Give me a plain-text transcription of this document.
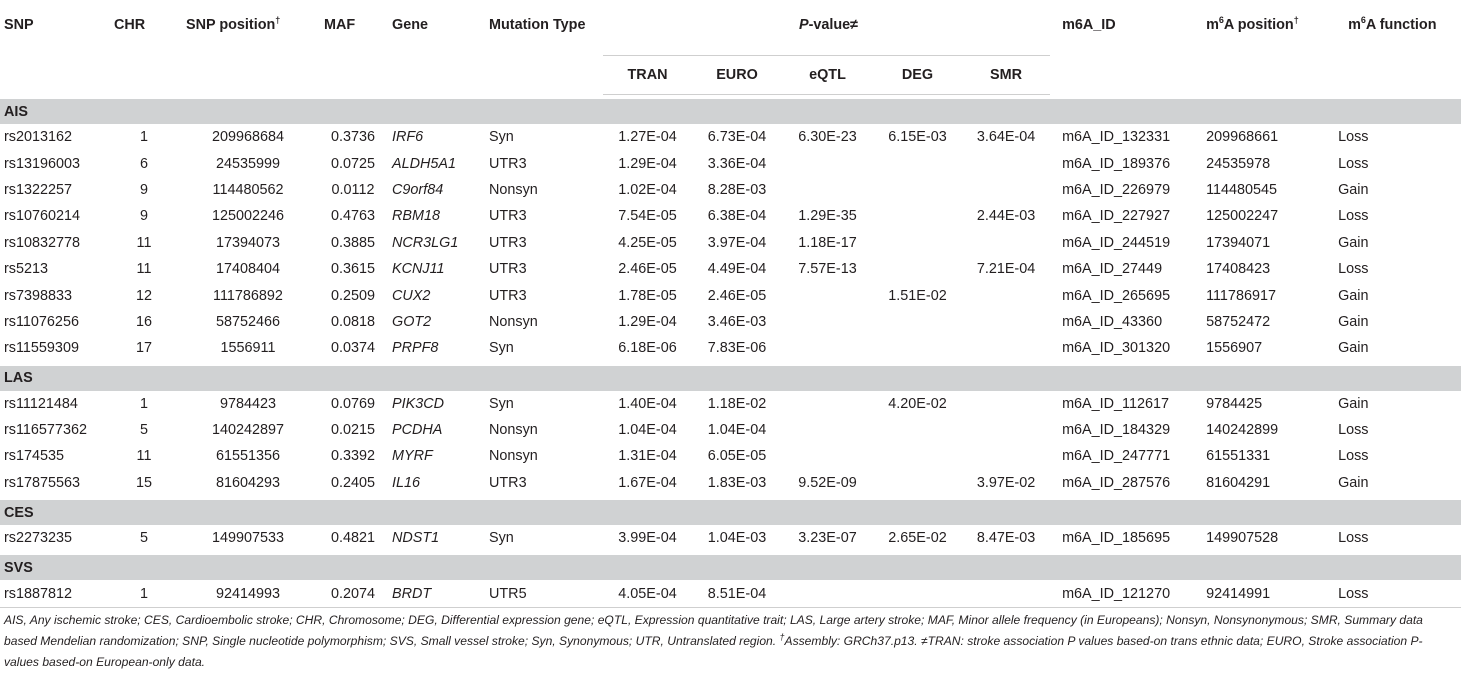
SNP	CHR	SNP position†	MAF	Gene	Mutation Type	P-value≠					m6A_ID	$m^6A$ position†	$m^6A$ function
						TRAN	EURO	eQTL	DEG	SMR			

AIS													
rs2013162	1	209968684	0.3736	IRF6	Syn	1.27E-04	6.73E-04	6.30E-23	6.15E-03	3.64E-04	m6A_ID_132331	209968661	Loss
rs13196003	6	24535999	0.0725	ALDH5A1	UTR3	1.29E-04	3.36E-04				m6A_ID_189376	24535978	Loss
rs1322257	9	114480562	0.0112	C9orf84	Nonsyn	1.02E-04	8.28E-03				m6A_ID_226979	114480545	Gain
rs10760214	9	125002246	0.4763	RBM18	UTR3	7.54E-05	6.38E-04	1.29E-35		2.44E-03	m6A_ID_227927	125002247	Loss
rs10832778	11	17394073	0.3885	NCR3LG1	UTR3	4.25E-05	3.97E-04	1.18E-17			m6A_ID_244519	17394071	Gain
rs5213	11	17408404	0.3615	KCNJ11	UTR3	2.46E-05	4.49E-04	7.57E-13		7.21E-04	m6A_ID_27449	17408423	Loss
rs7398833	12	111786892	0.2509	CUX2	UTR3	1.78E-05	2.46E-05		1.51E-02		m6A_ID_265695	111786917	Gain
rs11076256	16	58752466	0.0818	GOT2	Nonsyn	1.29E-04	3.46E-03				m6A_ID_43360	58752472	Gain
rs11559309	17	1556911	0.0374	PRPF8	Syn	6.18E-06	7.83E-06				m6A_ID_301320	1556907	Gain

LAS													
rs11121484	1	9784423	0.0769	PIK3CD	Syn	1.40E-04	1.18E-02		4.20E-02		m6A_ID_112617	9784425	Gain
rs116577362	5	140242897	0.0215	PCDHA	Nonsyn	1.04E-04	1.04E-04				m6A_ID_184329	140242899	Loss
rs174535	11	61551356	0.3392	MYRF	Nonsyn	1.31E-04	6.05E-05				m6A_ID_247771	61551331	Loss
rs17875563	15	81604293	0.2405	IL16	UTR3	1.67E-04	1.83E-03	9.52E-09		3.97E-02	m6A_ID_287576	81604291	Gain

CES													
rs2273235	5	149907533	0.4821	NDST1	Syn	3.99E-04	1.04E-03	3.23E-07	2.65E-02	8.47E-03	m6A_ID_185695	149907528	Loss

SVS													
rs1887812	1	92414993	0.2074	BRDT	UTR5	4.05E-04	8.51E-04				m6A_ID_121270	92414991	Loss
AIS, Any ischemic stroke; CES, Cardioembolic stroke; CHR, Chromosome; DEG, Differential expression gene; eQTL, Expression quantitative trait; LAS, Large artery stroke; MAF, Minor allele frequency (in Europeans); Nonsyn, Nonsynonymous; SMR, Summary data based Mendelian randomization; SNP, Single nucleotide polymorphism; SVS, Small vessel stroke; Syn, Synonymous; UTR, Untranslated region. †Assembly: GRCh37.p13. ≠TRAN: stroke association P values based-on trans ethnic data; EURO, Stroke association P-values based-on European-only data.
